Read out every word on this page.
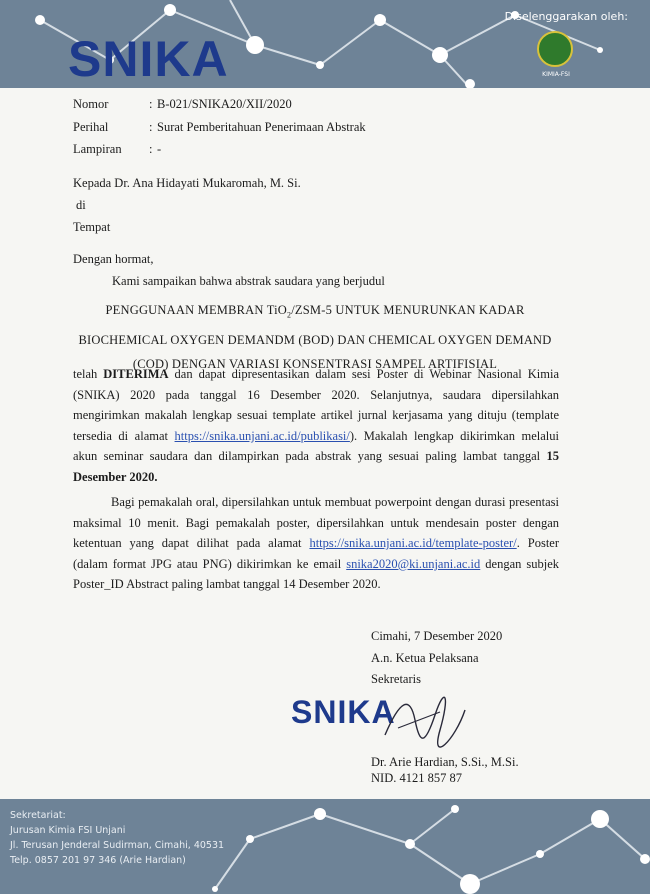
Diselenggarakan oleh:
SNIKA	KIMIA-FSI
Nomor	: B-021/SNIKA20/XII/2020
Perihal	: Surat Pemberitahuan Penerimaan Abstrak
Lampiran	: -
Kepada Dr. Ana Hidayati Mukaromah, M. Si.
di
Tempat
Dengan hormat,
Kami sampaikan bahwa abstrak saudara yang berjudul
PENGGUNAAN MEMBRAN TiO$_2$/ZSM-5 UNTUK MENURUNKAN KADAR
BIOCHEMICAL OXYGEN DEMANDM (BOD) DAN CHEMICAL OXYGEN DEMAND
(COD) DENGAN VARIASI KONSENTRASI SAMPEL ARTIFISIAL
telah DITERIMA dan dapat dipresentasikan dalam sesi Poster di Webinar Nasional Kimia (SNIKA) 2020 pada tanggal 16 Desember 2020. Selanjutnya, saudara dipersilahkan mengirimkan makalah lengkap sesuai template artikel jurnal kerjasama yang dituju (template tersedia di alamat https://snika.unjani.ac.id/publikasi/). Makalah lengkap dikirimkan melalui akun seminar saudara dan dilampirkan pada abstrak yang sesuai paling lambat tanggal 15 Desember 2020.
Bagi pemakalah oral, dipersilahkan untuk membuat powerpoint dengan durasi presentasi maksimal 10 menit. Bagi pemakalah poster, dipersilahkan untuk mendesain poster dengan ketentuan yang dapat dilihat pada alamat https://snika.unjani.ac.id/template-poster/. Poster (dalam format JPG atau PNG) dikirimkan ke email snika2020@ki.unjani.ac.id dengan subjek Poster_ID Abstract paling lambat tanggal 14 Desember 2020.
Cimahi, 7 Desember 2020
A.n. Ketua Pelaksana
Sekretaris
SNIKA
Dr. Arie Hardian, S.Si., M.Si.
NID. 4121 857 87
Sekretariat:
Jurusan Kimia FSI Unjani
Jl. Terusan Jenderal Sudirman, Cimahi, 40531
Telp. 0857 201 97 346 (Arie Hardian)
